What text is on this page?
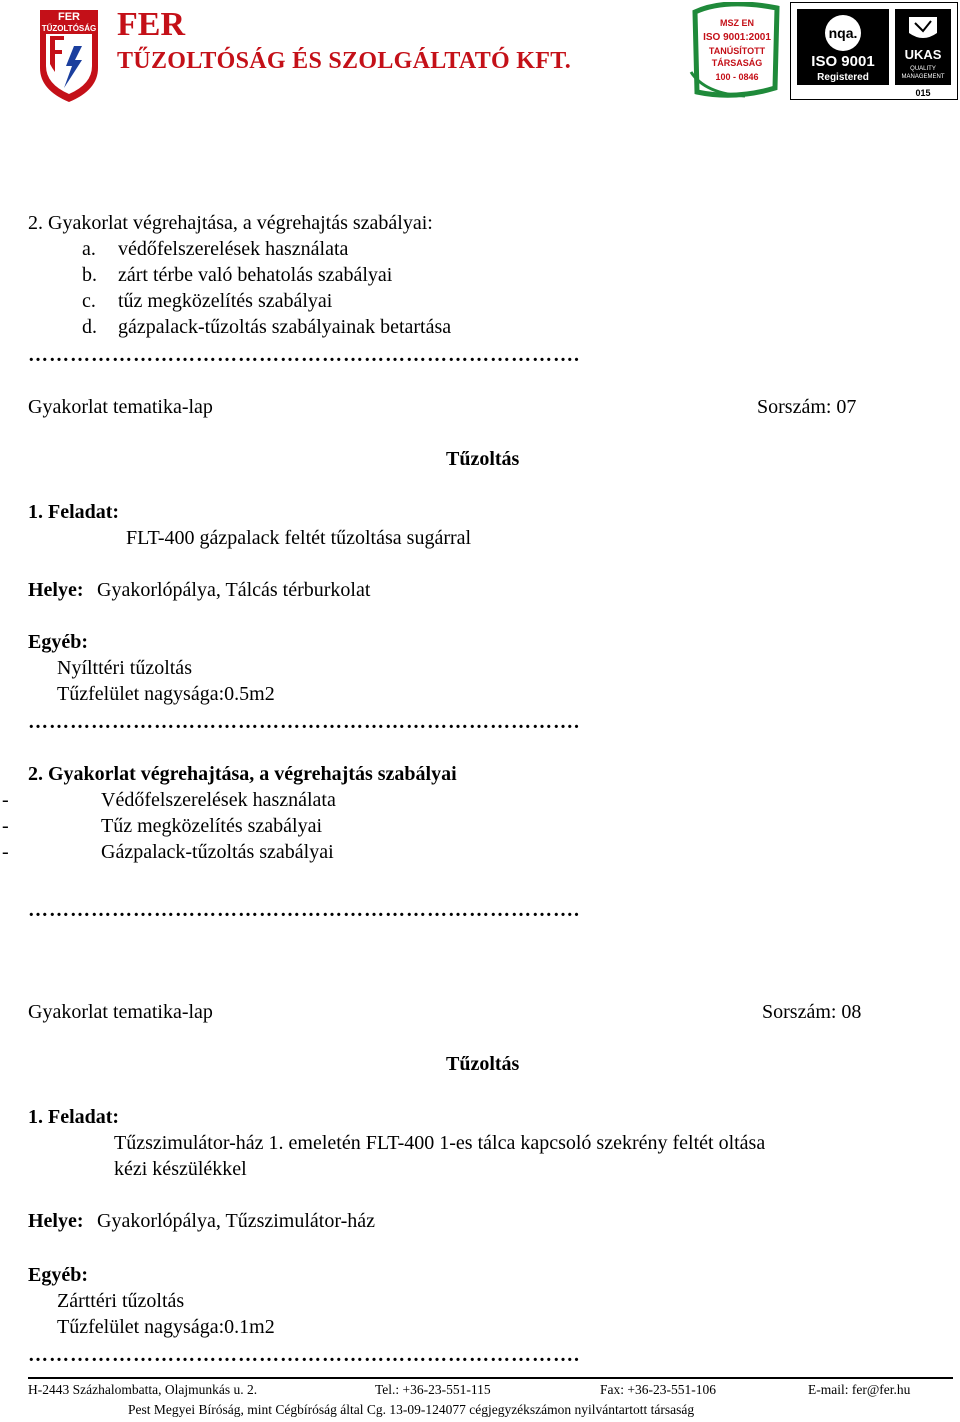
FER
TŰZOLTÓSÁG FER
TŰZOLTÓSÁG ÉS SZOLGÁLTATÓ KFT.
MSZ EN
ISO 9001:2001
TANÚSÍTOTT
TÁRSASÁG
100 - 0846
nqa.
ISO 9001
Registered
UKAS
QUALITY
MANAGEMENT
015
2. Gyakorlat végrehajtása, a végrehajtás szabályai:
a. védőfelszerelések használata
b. zárt térbe való behatolás szabályai
c. tűz megközelítés szabályai
d. gázpalack-tűzoltás szabályainak betartása
…………………………………………………………………….
Gyakorlat tematika-lap	Sorszám: 07
Tűzoltás
1. Feladat:
FLT-400 gázpalack feltét tűzoltása sugárral
Helye: Gyakorlópálya, Tálcás térburkolat
Egyéb:
Nyílttéri tűzoltás
Tűzfelület nagysága:0.5m2
…………………………………………………………………….
2. Gyakorlat végrehajtása, a végrehajtás szabályai
-	Védőfelszerelések használata
-	Tűz megközelítés szabályai
-	Gázpalack-tűzoltás szabályai
…………………………………………………………………….
Gyakorlat tematika-lap	Sorszám: 08
Tűzoltás
1. Feladat:
Tűzszimulátor-ház 1. emeletén FLT-400 1-es tálca kapcsoló szekrény feltét oltása
kézi készülékkel
Helye: Gyakorlópálya, Tűzszimulátor-ház
Egyéb:
Zárttéri tűzoltás
Tűzfelület nagysága:0.1m2
…………………………………………………………………….
H-2443 Százhalombatta, Olajmunkás u. 2.	Tel.: +36-23-551-115	Fax: +36-23-551-106	E-mail: fer@fer.hu
Pest Megyei Bíróság, mint Cégbíróság által Cg. 13-09-124077 cégjegyzékszámon nyilvántartott társaság
